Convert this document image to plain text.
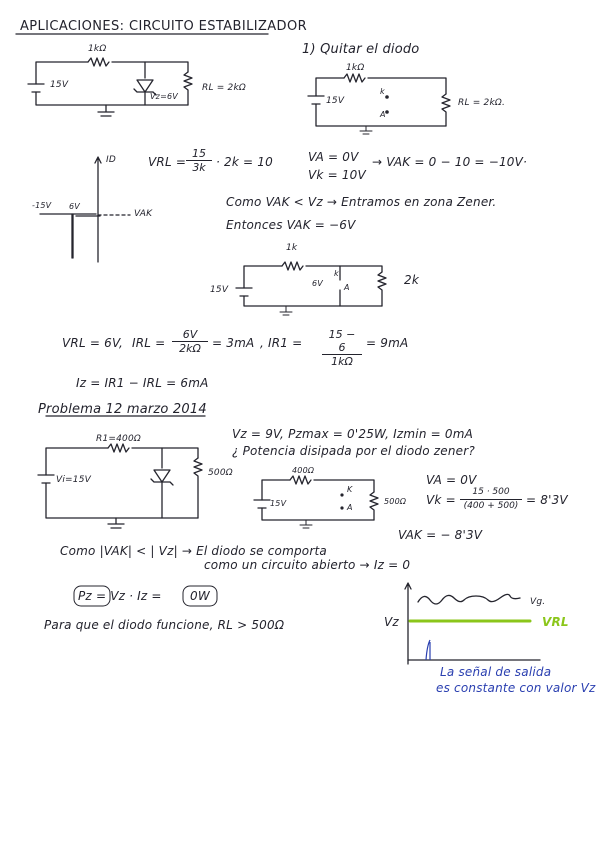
APLICACIONES: CIRCUITO ESTABILIZADOR
1kΩ
15V
Vz=6V
RL = 2kΩ
1) Quitar el diodo
1kΩ
15V
k
A
RL = 2kΩ.
VRL = $\frac{15}{3k} \cdot 2k = 10$	VA = 0V
Vk = 10V
→ VAK = 0 − 10 = −10V·
ID
-15V 6V
VAK
Como VAK < Vz → Entramos en zona Zener.
Entonces VAK = −6V
1k
15V
6V
k
A
2k
VRL = 6V, IRL = $\frac{6V}{2k\Omega} = 3mA$ , $IR1 = \frac{15 - 6}{1k\Omega} = 9mA$
Iz = IR1 − IRL = 6mA
Problema 12 marzo 2014
R1=400Ω
Vi=15V
500Ω
Vz = 9V, Pzmax = 0'25W, Izmin = 0mA
¿ Potencia disipada por el diodo zener?
400Ω
15V
K
A
500Ω
VA = 0V
$Vk = \frac{15 \cdot 500}{(400 + 500)} = 8'3V$
VAK = − 8'3V
Como |VAK| < | Vz| → El diodo se comporta
como un circuito abierto → Iz = 0
Pz = Vz · Iz = 0W
Para que el diodo funcione, RL > 500Ω
Vg.
Vz	VRL
La señal de salida
es constante con valor Vz
